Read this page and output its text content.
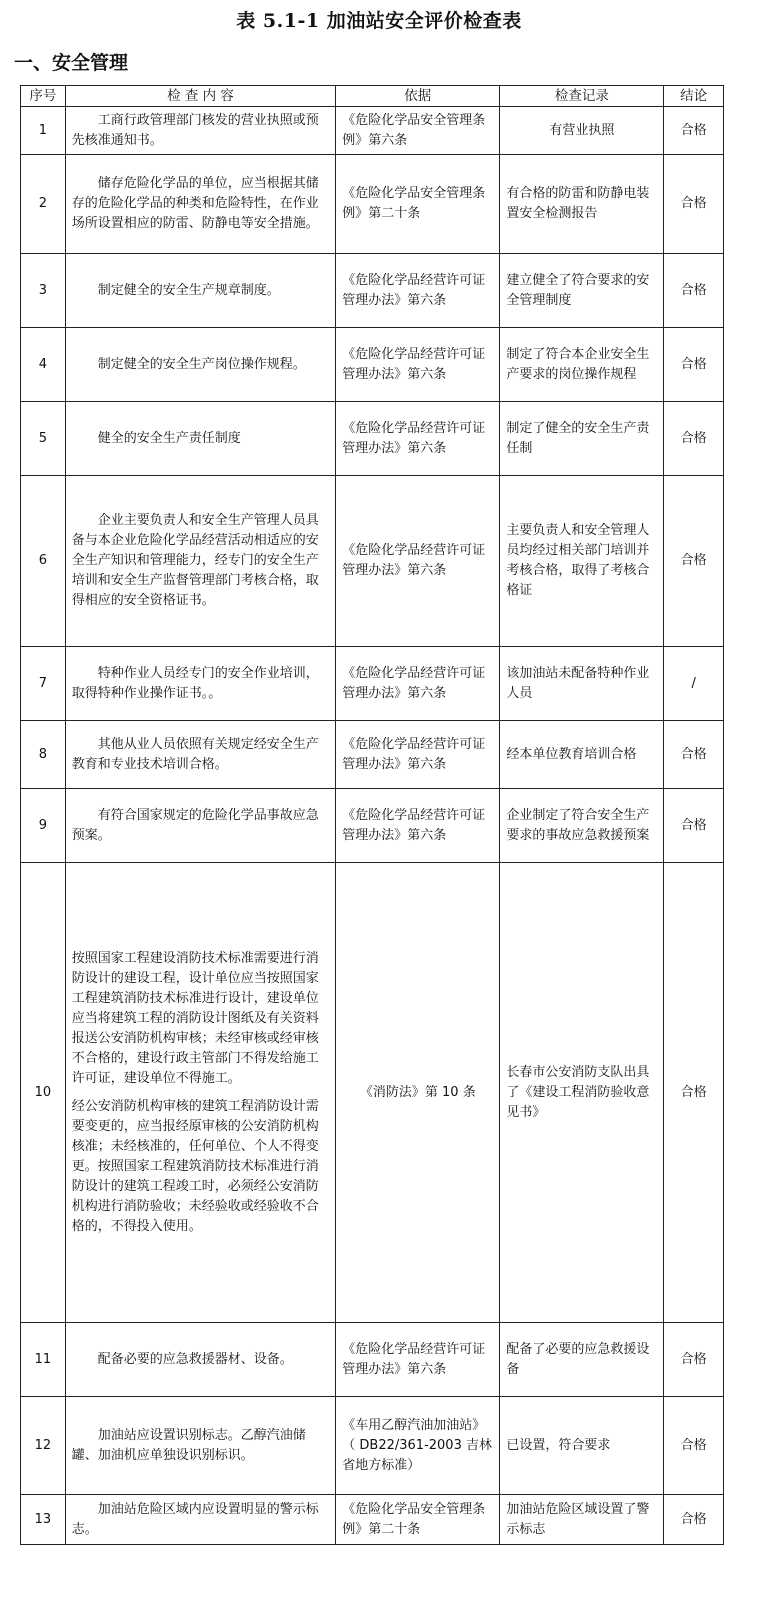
表 5.1-1 加油站安全评价检查表
一、安全管理
序号	检 查 内 容	依据	检查记录	结论
1	工商行政管理部门核发的营业执照或预先核准通知书。	《危险化学品安全管理条例》第六条	有营业执照	合格
2	储存危险化学品的单位，应当根据其储存的危险化学品的种类和危险特性，在作业场所设置相应的防雷、防静电等安全措施。	《危险化学品安全管理条例》第二十条	有合格的防雷和防静电装置安全检测报告	合格
3	制定健全的安全生产规章制度。	《危险化学品经营许可证管理办法》第六条	建立健全了符合要求的安全管理制度	合格
4	制定健全的安全生产岗位操作规程。	《危险化学品经营许可证管理办法》第六条	制定了符合本企业安全生产要求的岗位操作规程	合格
5	健全的安全生产责任制度	《危险化学品经营许可证管理办法》第六条	制定了健全的安全生产责任制	合格
6	企业主要负责人和安全生产管理人员具备与本企业危险化学品经营活动相适应的安全生产知识和管理能力，经专门的安全生产培训和安全生产监督管理部门考核合格，取得相应的安全资格证书。	《危险化学品经营许可证管理办法》第六条	主要负责人和安全管理人员均经过相关部门培训并考核合格，取得了考核合格证	合格
7	特种作业人员经专门的安全作业培训，取得特种作业操作证书。。	《危险化学品经营许可证管理办法》第六条	该加油站未配备特种作业人员	/
8	其他从业人员依照有关规定经安全生产教育和专业技术培训合格。	《危险化学品经营许可证管理办法》第六条	经本单位教育培训合格	合格
9	有符合国家规定的危险化学品事故应急预案。	《危险化学品经营许可证管理办法》第六条	企业制定了符合安全生产要求的事故应急救援预案	合格
10	按照国家工程建设消防技术标准需要进行消防设计的建设工程，设计单位应当按照国家工程建筑消防技术标准进行设计，建设单位应当将建筑工程的消防设计图纸及有关资料报送公安消防机构审核；未经审核或经审核不合格的，建设行政主管部门不得发给施工许可证，建设单位不得施工。
经公安消防机构审核的建筑工程消防设计需要变更的，应当报经原审核的公安消防机构核准；未经核准的，任何单位、个人不得变更。按照国家工程建筑消防技术标准进行消防设计的建筑工程竣工时，必须经公安消防机构进行消防验收；未经验收或经验收不合格的，不得投入使用。	《消防法》第 10 条	长春市公安消防支队出具了《建设工程消防验收意见书》	合格
11	配备必要的应急救援器材、设备。	《危险化学品经营许可证管理办法》第六条	配备了必要的应急救援设备	合格
12	加油站应设置识别标志。乙醇汽油储罐、加油机应单独设识别标识。	《车用乙醇汽油加油站》
（ DB22/361-2003 吉林省地方标准）	已设置，符合要求	合格
13	加油站危险区域内应设置明显的警示标志。	《危险化学品安全管理条例》第二十条	加油站危险区域设置了警示标志	合格
